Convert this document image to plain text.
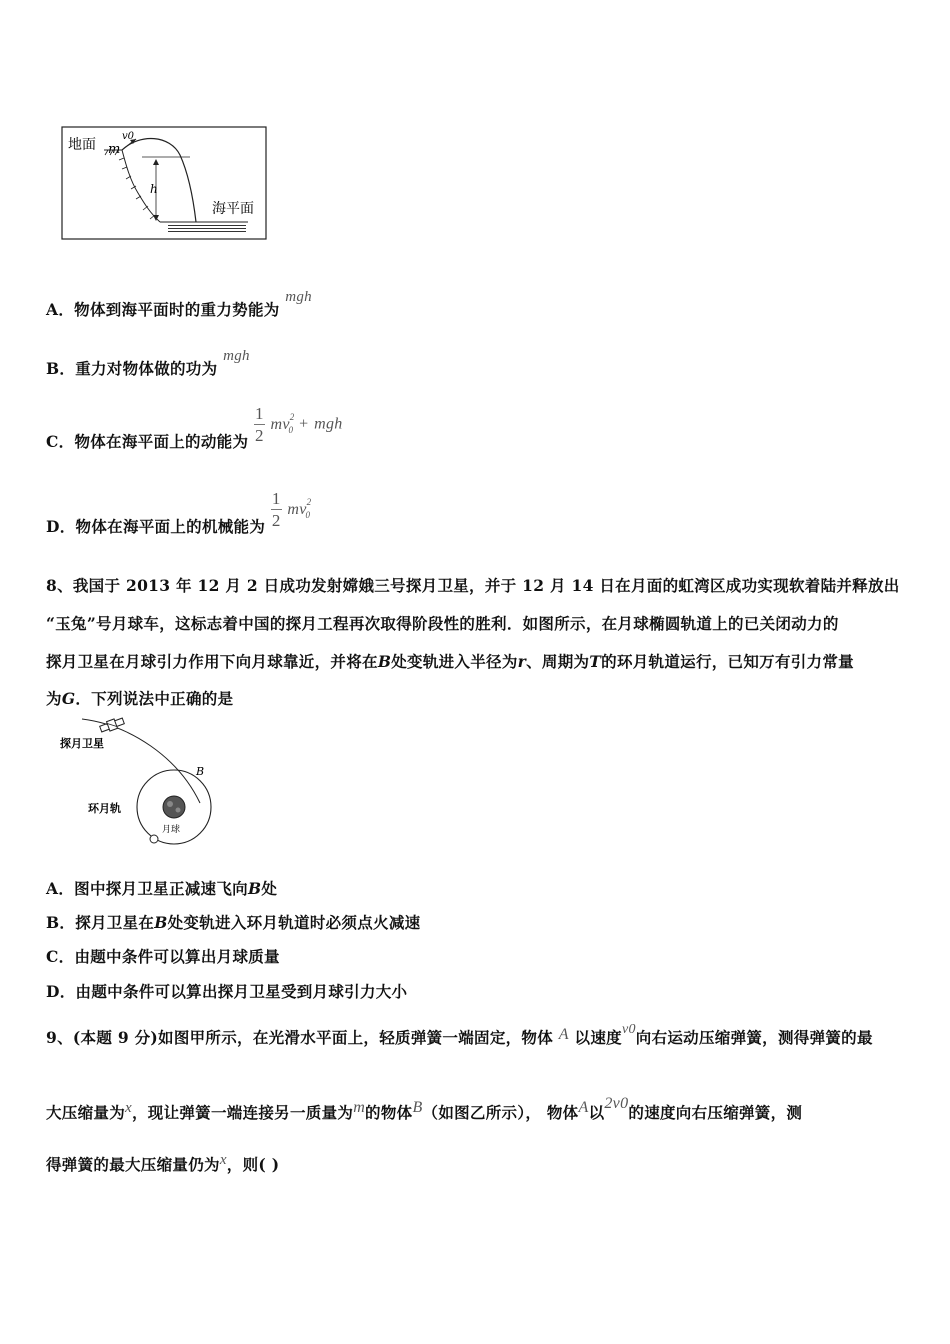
地面
v0
m
h
海平面
A．物体到海平面时的重力势能为 mgh
B．重力对物体做的功为 mgh
C．物体在海平面上的动能为 $\frac{1}{2} mv^2_0$ + mgh
D．物体在海平面上的机械能为 $\frac{1}{2} mv^2_0$
8、我国于 2013 年 12 月 2 日成功发射嫦娥三号探月卫星，并于 12 月 14 日在月面的虹湾区成功实现软着陆并释放出
“玉兔”号月球车，这标志着中国的探月工程再次取得阶段性的胜利．如图所示，在月球椭圆轨道上的已关闭动力的
探月卫星在月球引力作用下向月球靠近，并将在B处变轨进入半径为r、周期为T的环月轨道运行，已知万有引力常量
为G．下列说法中正确的是
探月卫星
B
环月轨
月球
A．图中探月卫星正减速飞向B处
B．探月卫星在B处变轨进入环月轨道时必须点火减速
C．由题中条件可以算出月球质量
D．由题中条件可以算出探月卫星受到月球引力大小
9、(本题 9 分)如图甲所示，在光滑水平面上，轻质弹簧一端固定，物体 A 以速度v0向右运动压缩弹簧，测得弹簧的最
大压缩量为x，现让弹簧一端连接另一质量为m的物体B（如图乙所示）， 物体A以2v0的速度向右压缩弹簧，测
得弹簧的最大压缩量仍为x，则( )
